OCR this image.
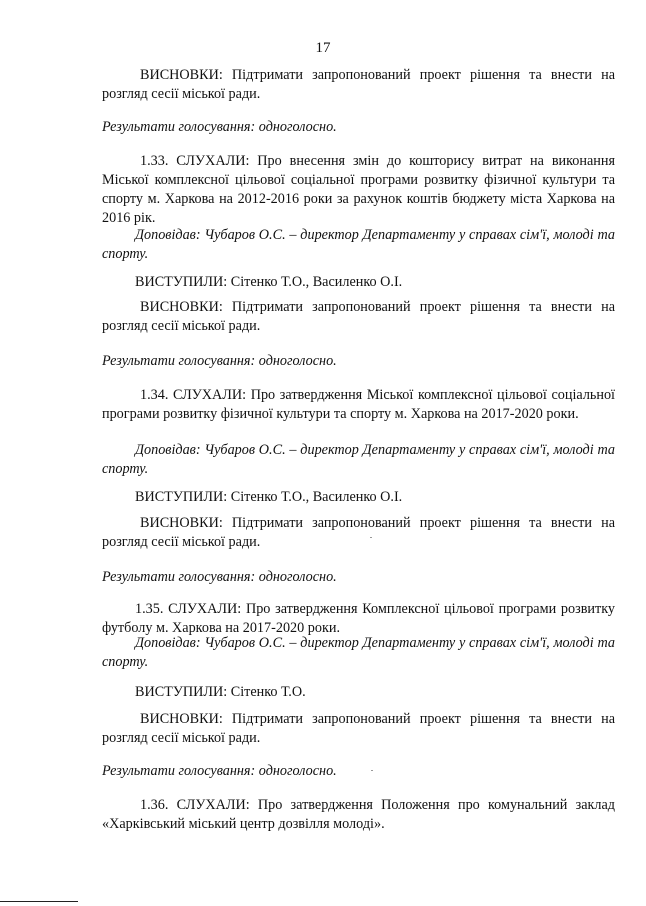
17

ВИСНОВКИ: Підтримати запропонований проект рішення та внести на розгляд сесії міської ради.

Результати голосування: одноголосно.

1.33. СЛУХАЛИ: Про внесення змін до кошторису витрат на виконання Міської комплексної цільової соціальної програми розвитку фізичної культури та спорту м. Харкова на 2012-2016 роки за рахунок коштів бюджету міста Харкова на 2016 рік.

Доповідав: Чубаров О.С. – директор Департаменту у справах сім'ї, молоді та спорту.

ВИСТУПИЛИ: Сітенко Т.О., Василенко О.І.

ВИСНОВКИ: Підтримати запропонований проект рішення та внести на розгляд сесії міської ради.

Результати голосування: одноголосно.

1.34. СЛУХАЛИ: Про затвердження Міської комплексної цільової соціальної програми розвитку фізичної культури та спорту м. Харкова на 2017-2020 роки.

Доповідав: Чубаров О.С. – директор Департаменту у справах сім'ї, молоді та спорту.

ВИСТУПИЛИ: Сітенко Т.О., Василенко О.І.

ВИСНОВКИ: Підтримати запропонований проект рішення та внести на розгляд сесії міської ради.

Результати голосування: одноголосно.

1.35. СЛУХАЛИ: Про затвердження Комплексної цільової програми розвитку футболу м. Харкова на 2017-2020 роки.

Доповідав: Чубаров О.С. – директор Департаменту у справах сім'ї, молоді та спорту.

ВИСТУПИЛИ: Сітенко Т.О.

ВИСНОВКИ: Підтримати запропонований проект рішення та внести на розгляд сесії міської ради.

Результати голосування: одноголосно.

1.36. СЛУХАЛИ: Про затвердження Положення про комунальний заклад «Харківський міський центр дозвілля молоді».
